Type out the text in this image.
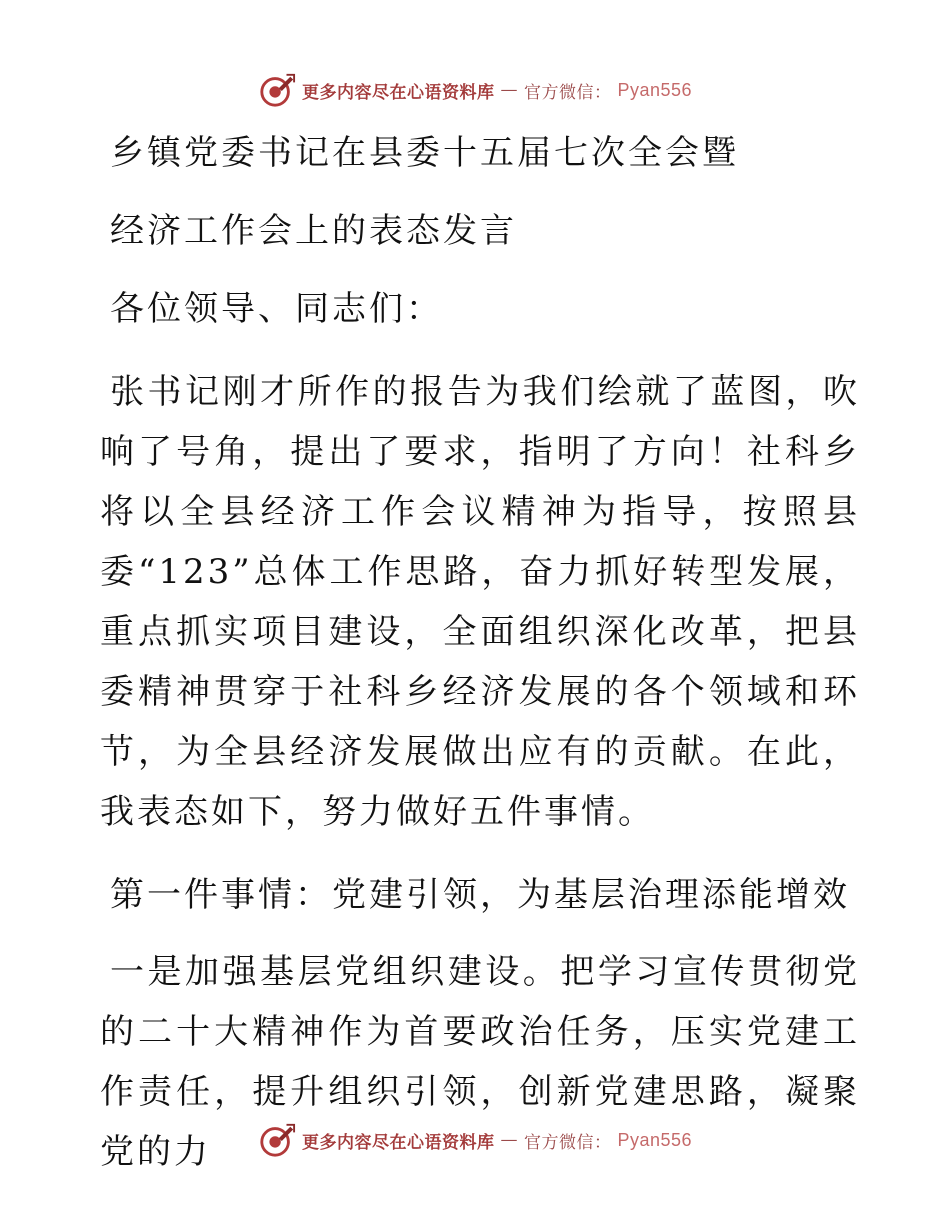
更多内容尽在心语资料库 — 官方微信： Pyan556

乡镇党委书记在县委十五届七次全会暨

经济工作会上的表态发言

各位领导、同志们：

张书记刚才所作的报告为我们绘就了蓝图，吹响了号角，提出了要求，指明了方向！社科乡将以全县经济工作会议精神为指导，按照县委“123”总体工作思路，奋力抓好转型发展，重点抓实项目建设，全面组织深化改革，把县委精神贯穿于社科乡经济发展的各个领域和环节，为全县经济发展做出应有的贡献。在此，我表态如下，努力做好五件事情。

第一件事情：党建引领，为基层治理添能增效

一是加强基层党组织建设。把学习宣传贯彻党的二十大精神作为首要政治任务，压实党建工作责任，提升组织引领，创新党建思路，凝聚党的力	更多内容尽在心语资料库 — 官方微信： Pyan556
